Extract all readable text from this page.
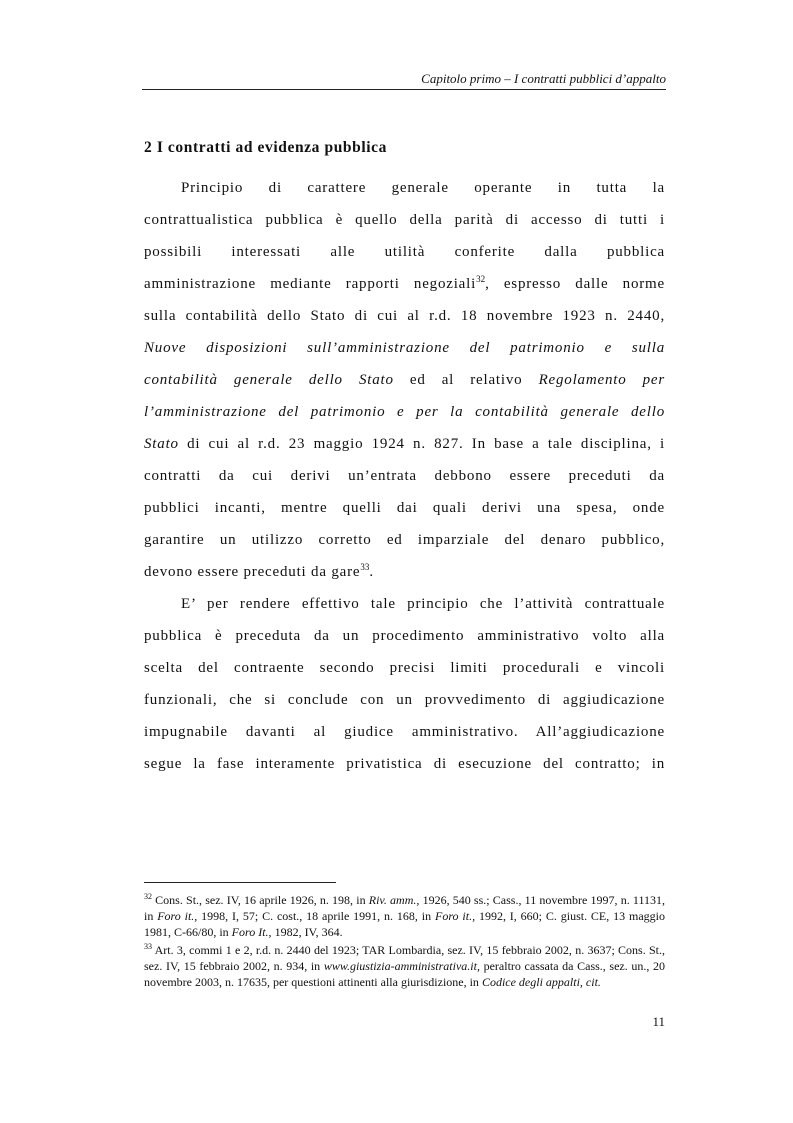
Capitolo primo – I contratti pubblici d’appalto
2 I contratti ad evidenza pubblica
Principio di carattere generale operante in tutta la
contrattualistica pubblica è quello della parità di accesso di tutti i
possibili interessati alle utilità conferite dalla pubblica
amministrazione mediante rapporti negoziali$^{32}$, espresso dalle norme
sulla contabilità dello Stato di cui al r.d. 18 novembre 1923 n. 2440,
Nuove disposizioni sull’amministrazione del patrimonio e sulla
contabilità generale dello Stato ed al relativo Regolamento per
l’amministrazione del patrimonio e per la contabilità generale dello
Stato di cui al r.d. 23 maggio 1924 n. 827. In base a tale disciplina, i
contratti da cui derivi un’entrata debbono essere preceduti da
pubblici incanti, mentre quelli dai quali derivi una spesa, onde
garantire un utilizzo corretto ed imparziale del denaro pubblico,
devono essere preceduti da gare$^{33}$.
E’ per rendere effettivo tale principio che l’attività contrattuale
pubblica è preceduta da un procedimento amministrativo volto alla
scelta del contraente secondo precisi limiti procedurali e vincoli
funzionali, che si conclude con un provvedimento di aggiudicazione
impugnabile davanti al giudice amministrativo. All’aggiudicazione
segue la fase interamente privatistica di esecuzione del contratto; in

$^{32}$ Cons. St., sez. IV, 16 aprile 1926, n. 198, in Riv. amm., 1926, 540 ss.; Cass., 11 novembre 1997, n. 11131, in Foro it., 1998, I, 57; C. cost., 18 aprile 1991, n. 168, in Foro it., 1992, I, 660; C. giust. CE, 13 maggio 1981, C-66/80, in Foro It., 1982, IV, 364.

$^{33}$ Art. 3, commi 1 e 2, r.d. n. 2440 del 1923; TAR Lombardia, sez. IV, 15 febbraio 2002, n. 3637; Cons. St., sez. IV, 15 febbraio 2002, n. 934, in www.giustizia-amministrativa.it, peraltro cassata da Cass., sez. un., 20 novembre 2003, n. 17635, per questioni attinenti alla giurisdizione, in Codice degli appalti, cit.

11
